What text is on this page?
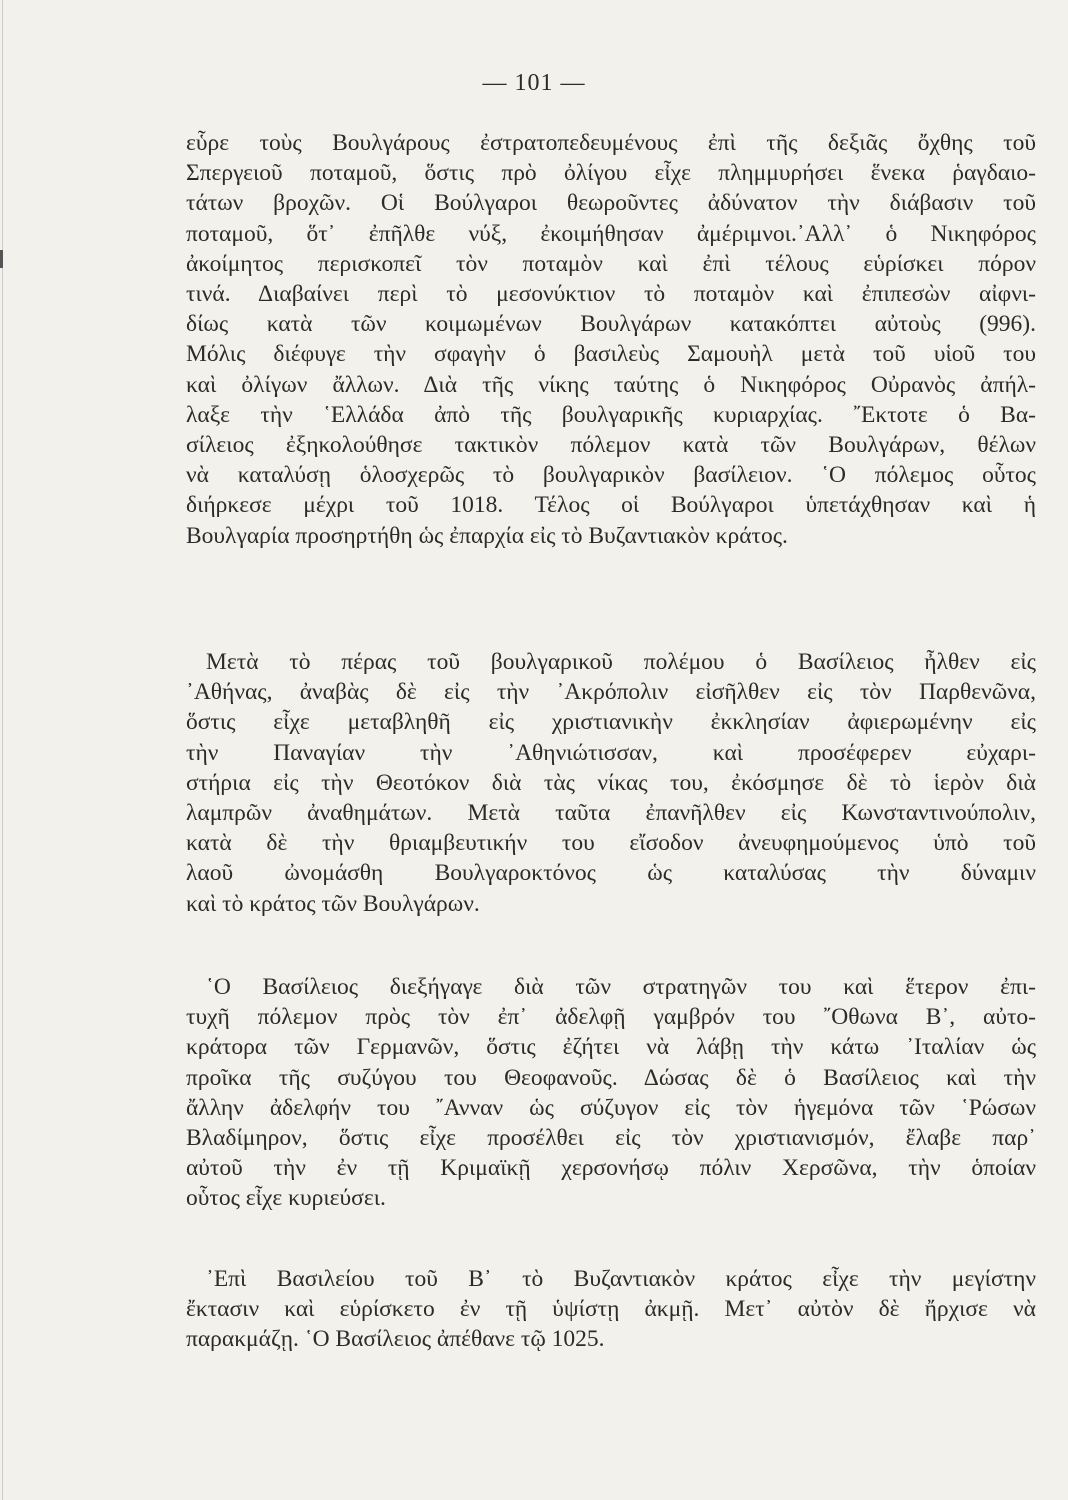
— 101 —
εὗρε τοὺς Βουλγάρους ἐστρατοπεδευμένους ἐπὶ τῆς δεξιᾶς ὄχθης τοῦ
Σπεργειοῦ ποταμοῦ, ὅστις πρὸ ὀλίγου εἶχε πλημμυρήσει ἕνεκα ῥαγδαιο-
τάτων βροχῶν. Οἱ Βούλγαροι θεωροῦντες ἀδύνατον τὴν διάβασιν τοῦ
ποταμοῦ, ὅτ᾽ ἐπῆλθε νύξ, ἐκοιμήθησαν ἀμέριμνοι.᾽Αλλ᾽ ὁ Νικηφόρος
ἀκοίμητος περισκοπεῖ τὸν ποταμὸν καὶ ἐπὶ τέλους εὑρίσκει πόρον
τινά. Διαβαίνει περὶ τὸ μεσονύκτιον τὸ ποταμὸν καὶ ἐπιπεσὼν αἰφνι-
δίως κατὰ τῶν κοιμωμένων Βουλγάρων κατακόπτει αὐτοὺς (996).
Μόλις διέφυγε τὴν σφαγὴν ὁ βασιλεὺς Σαμουὴλ μετὰ τοῦ υἱοῦ του
καὶ ὀλίγων ἄλλων. Διὰ τῆς νίκης ταύτης ὁ Νικηφόρος Οὐρανὸς ἀπήλ-
λαξε τὴν ῾Ελλάδα ἀπὸ τῆς βουλγαρικῆς κυριαρχίας. ῎Εκτοτε ὁ Βα-
σίλειος ἐξηκολούθησε τακτικὸν πόλεμον κατὰ τῶν Βουλγάρων, θέλων
νὰ καταλύσῃ ὁλοσχερῶς τὸ βουλγαρικὸν βασίλειον. ῾Ο πόλεμος οὗτος
διήρκεσε μέχρι τοῦ 1018. Τέλος οἱ Βούλγαροι ὑπετάχθησαν καὶ ἡ
Βουλγαρία προσηρτήθη ὡς ἐπαρχία εἰς τὸ Βυζαντιακὸν κράτος.
Μετὰ τὸ πέρας τοῦ βουλγαρικοῦ πολέμου ὁ Βασίλειος ἦλθεν εἰς
᾽Αθήνας, ἀναβὰς δὲ εἰς τὴν ᾽Ακρόπολιν εἰσῆλθεν εἰς τὸν Παρθενῶνα,
ὅστις εἶχε μεταβληθῆ εἰς χριστιανικὴν ἐκκλησίαν ἀφιερωμένην εἰς
τὴν Παναγίαν τὴν ᾽Αθηνιώτισσαν, καὶ προσέφερεν εὐχαρι-
στήρια εἰς τὴν Θεοτόκον διὰ τὰς νίκας του, ἐκόσμησε δὲ τὸ ἱερὸν διὰ
λαμπρῶν ἀναθημάτων. Μετὰ ταῦτα ἐπανῆλθεν εἰς Κωνσταντινούπολιν,
κατὰ δὲ τὴν θριαμβευτικήν του εἴσοδον ἀνευφημούμενος ὑπὸ τοῦ
λαοῦ ὠνομάσθη Βουλγαροκτόνος ὡς καταλύσας τὴν δύναμιν
καὶ τὸ κράτος τῶν Βουλγάρων.
῾Ο Βασίλειος διεξήγαγε διὰ τῶν στρατηγῶν του καὶ ἕτερον ἐπι-
τυχῆ πόλεμον πρὸς τὸν ἐπ᾽ ἀδελφῇ γαμβρόν του ῎Οθωνα Β᾽, αὐτο-
κράτορα τῶν Γερμανῶν, ὅστις ἐζήτει νὰ λάβῃ τὴν κάτω ᾽Ιταλίαν ὡς
προῖκα τῆς συζύγου του Θεοφανοῦς. Δώσας δὲ ὁ Βασίλειος καὶ τὴν
ἄλλην ἀδελφήν του ῎Ανναν ὡς σύζυγον εἰς τὸν ἡγεμόνα τῶν ῾Ρώσων
Βλαδίμηρον, ὅστις εἶχε προσέλθει εἰς τὸν χριστιανισμόν, ἔλαβε παρ᾽
αὐτοῦ τὴν ἐν τῇ Κριμαϊκῇ χερσονήσῳ πόλιν Χερσῶνα, τὴν ὁποίαν
οὗτος εἶχε κυριεύσει.
᾽Επὶ Βασιλείου τοῦ Β᾽ τὸ Βυζαντιακὸν κράτος εἶχε τὴν μεγίστην
ἔκτασιν καὶ εὑρίσκετο ἐν τῇ ὑψίστῃ ἀκμῇ. Μετ᾽ αὐτὸν δὲ ἤρχισε νὰ
παρακμάζῃ. ῾Ο Βασίλειος ἀπέθανε τῷ 1025.
